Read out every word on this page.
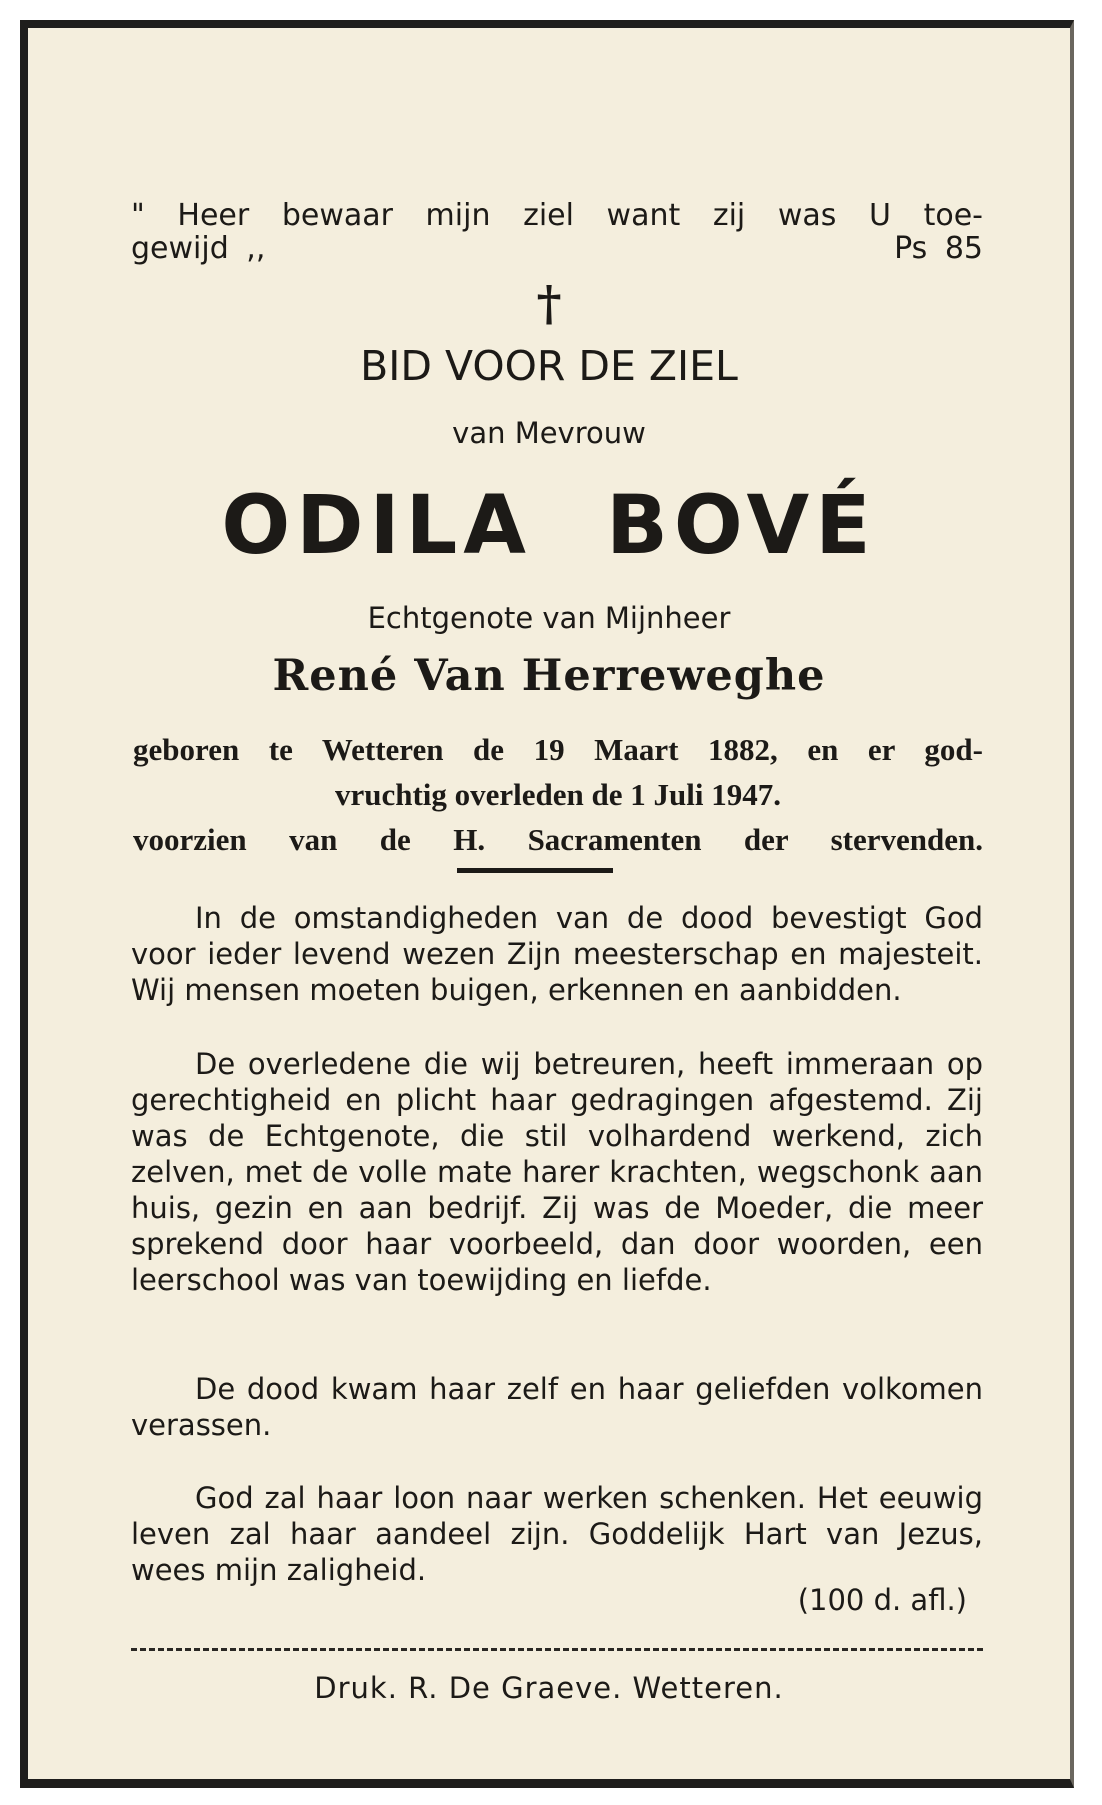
" Heer bewaar mijn ziel want zij was U toe-
gewijd ,,	Ps 85
†
BID VOOR DE ZIEL
van Mevrouw
ODILA BOVÉ
Echtgenote van Mijnheer
René Van Herreweghe
geboren te Wetteren de 19 Maart 1882, en er god-
vruchtig overleden de 1 Juli 1947.
voorzien van de H. Sacramenten der stervenden.

In de omstandigheden van de dood bevestigt God voor ieder levend wezen Zijn meesterschap en majesteit. Wij mensen moeten buigen, erkennen en aanbidden.

De overledene die wij betreuren, heeft immeraan op gerechtigheid en plicht haar gedragingen afgestemd. Zij was de Echtgenote, die stil volhardend werkend, zich zelven, met de volle mate harer krachten, wegschonk aan huis, gezin en aan bedrijf. Zij was de Moeder, die meer sprekend door haar voorbeeld, dan door woorden, een leerschool was van toewijding en liefde.

De dood kwam haar zelf en haar geliefden volkomen verassen.

God zal haar loon naar werken schenken. Het eeuwig leven zal haar aandeel zijn. Goddelijk Hart van Jezus, wees mijn zaligheid.

(100 d. afl.)
Druk. R. De Graeve. Wetteren.
